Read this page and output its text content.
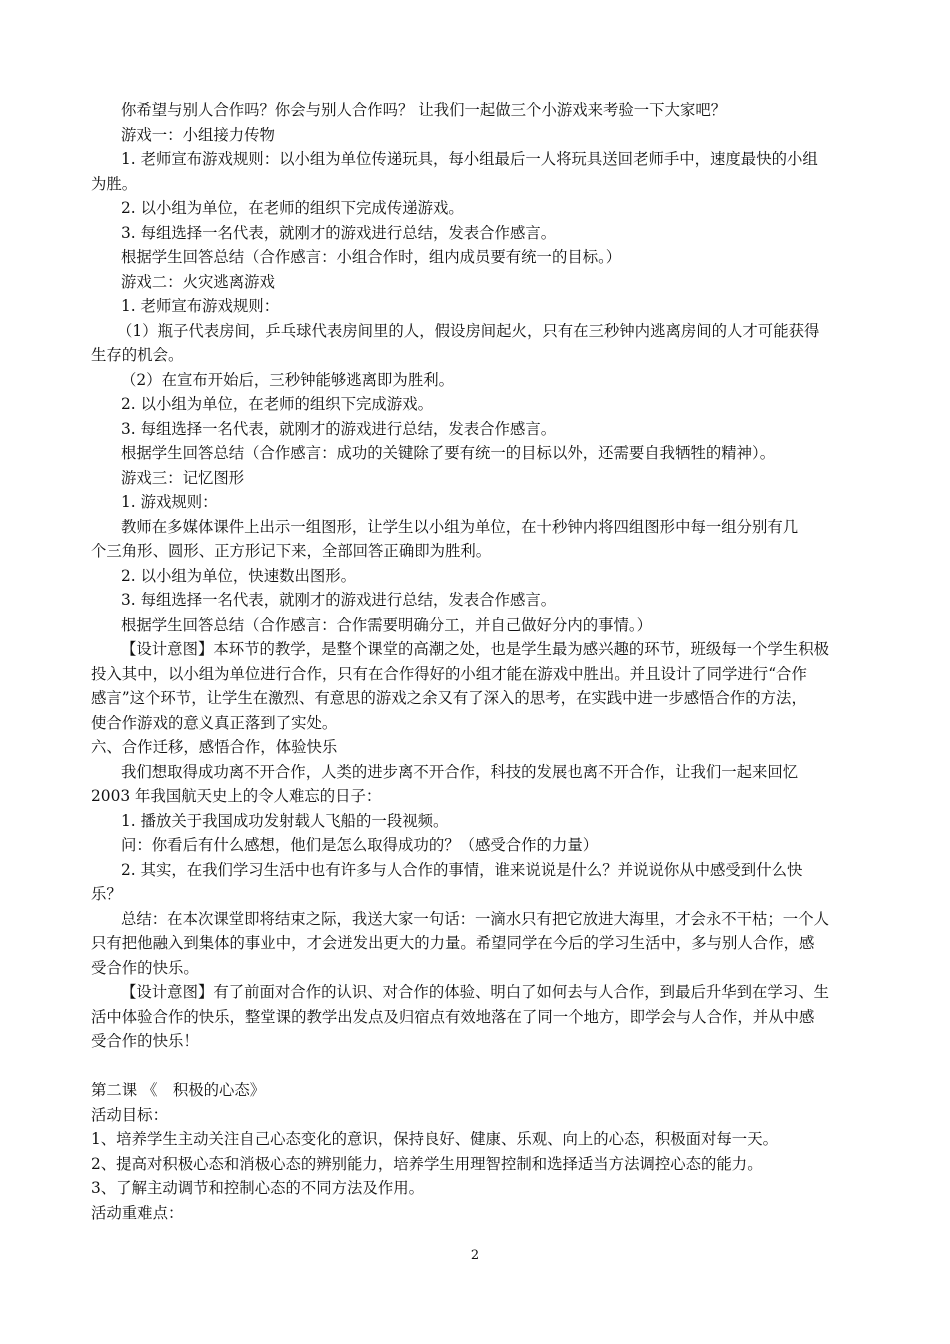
你希望与别人合作吗？你会与别人合作吗？ 让我们一起做三个小游戏来考验一下大家吧？
游戏一：小组接力传物
1. 老师宣布游戏规则：以小组为单位传递玩具，每小组最后一人将玩具送回老师手中，速度最快的小组
为胜。
2. 以小组为单位，在老师的组织下完成传递游戏。
3. 每组选择一名代表，就刚才的游戏进行总结，发表合作感言。
根据学生回答总结（合作感言：小组合作时，组内成员要有统一的目标。）
游戏二：火灾逃离游戏
1. 老师宣布游戏规则：
（1）瓶子代表房间，乒乓球代表房间里的人，假设房间起火，只有在三秒钟内逃离房间的人才可能获得
生存的机会。
（2）在宣布开始后，三秒钟能够逃离即为胜利。
2. 以小组为单位，在老师的组织下完成游戏。
3. 每组选择一名代表，就刚才的游戏进行总结，发表合作感言。
根据学生回答总结（合作感言：成功的关键除了要有统一的目标以外，还需要自我牺牲的精神）。
游戏三：记忆图形
1. 游戏规则：
教师在多媒体课件上出示一组图形，让学生以小组为单位，在十秒钟内将四组图形中每一组分别有几
个三角形、圆形、正方形记下来，全部回答正确即为胜利。
2. 以小组为单位，快速数出图形。
3. 每组选择一名代表，就刚才的游戏进行总结，发表合作感言。
根据学生回答总结（合作感言：合作需要明确分工，并自己做好分内的事情。）
【设计意图】本环节的教学，是整个课堂的高潮之处，也是学生最为感兴趣的环节，班级每一个学生积极
投入其中，以小组为单位进行合作，只有在合作得好的小组才能在游戏中胜出。并且设计了同学进行“合作
感言”这个环节，让学生在激烈、有意思的游戏之余又有了深入的思考，在实践中进一步感悟合作的方法，
使合作游戏的意义真正落到了实处。
六、合作迁移，感悟合作，体验快乐
我们想取得成功离不开合作，人类的进步离不开合作，科技的发展也离不开合作，让我们一起来回忆
2003 年我国航天史上的令人难忘的日子：
1. 播放关于我国成功发射载人飞船的一段视频。
问：你看后有什么感想，他们是怎么取得成功的？（感受合作的力量）
2. 其实，在我们学习生活中也有许多与人合作的事情，谁来说说是什么？并说说你从中感受到什么快
乐？
总结：在本次课堂即将结束之际，我送大家一句话：一滴水只有把它放进大海里，才会永不干枯；一个人
只有把他融入到集体的事业中，才会迸发出更大的力量。希望同学在今后的学习生活中，多与别人合作，感
受合作的快乐。
【设计意图】有了前面对合作的认识、对合作的体验、明白了如何去与人合作，到最后升华到在学习、生
活中体验合作的快乐，整堂课的教学出发点及归宿点有效地落在了同一个地方，即学会与人合作，并从中感
受合作的快乐！
第二课 《　积极的心态》
活动目标：
1、培养学生主动关注自己心态变化的意识，保持良好、健康、乐观、向上的心态，积极面对每一天。
2、提高对积极心态和消极心态的辨别能力，培养学生用理智控制和选择适当方法调控心态的能力。
3、了解主动调节和控制心态的不同方法及作用。
活动重难点：
2
